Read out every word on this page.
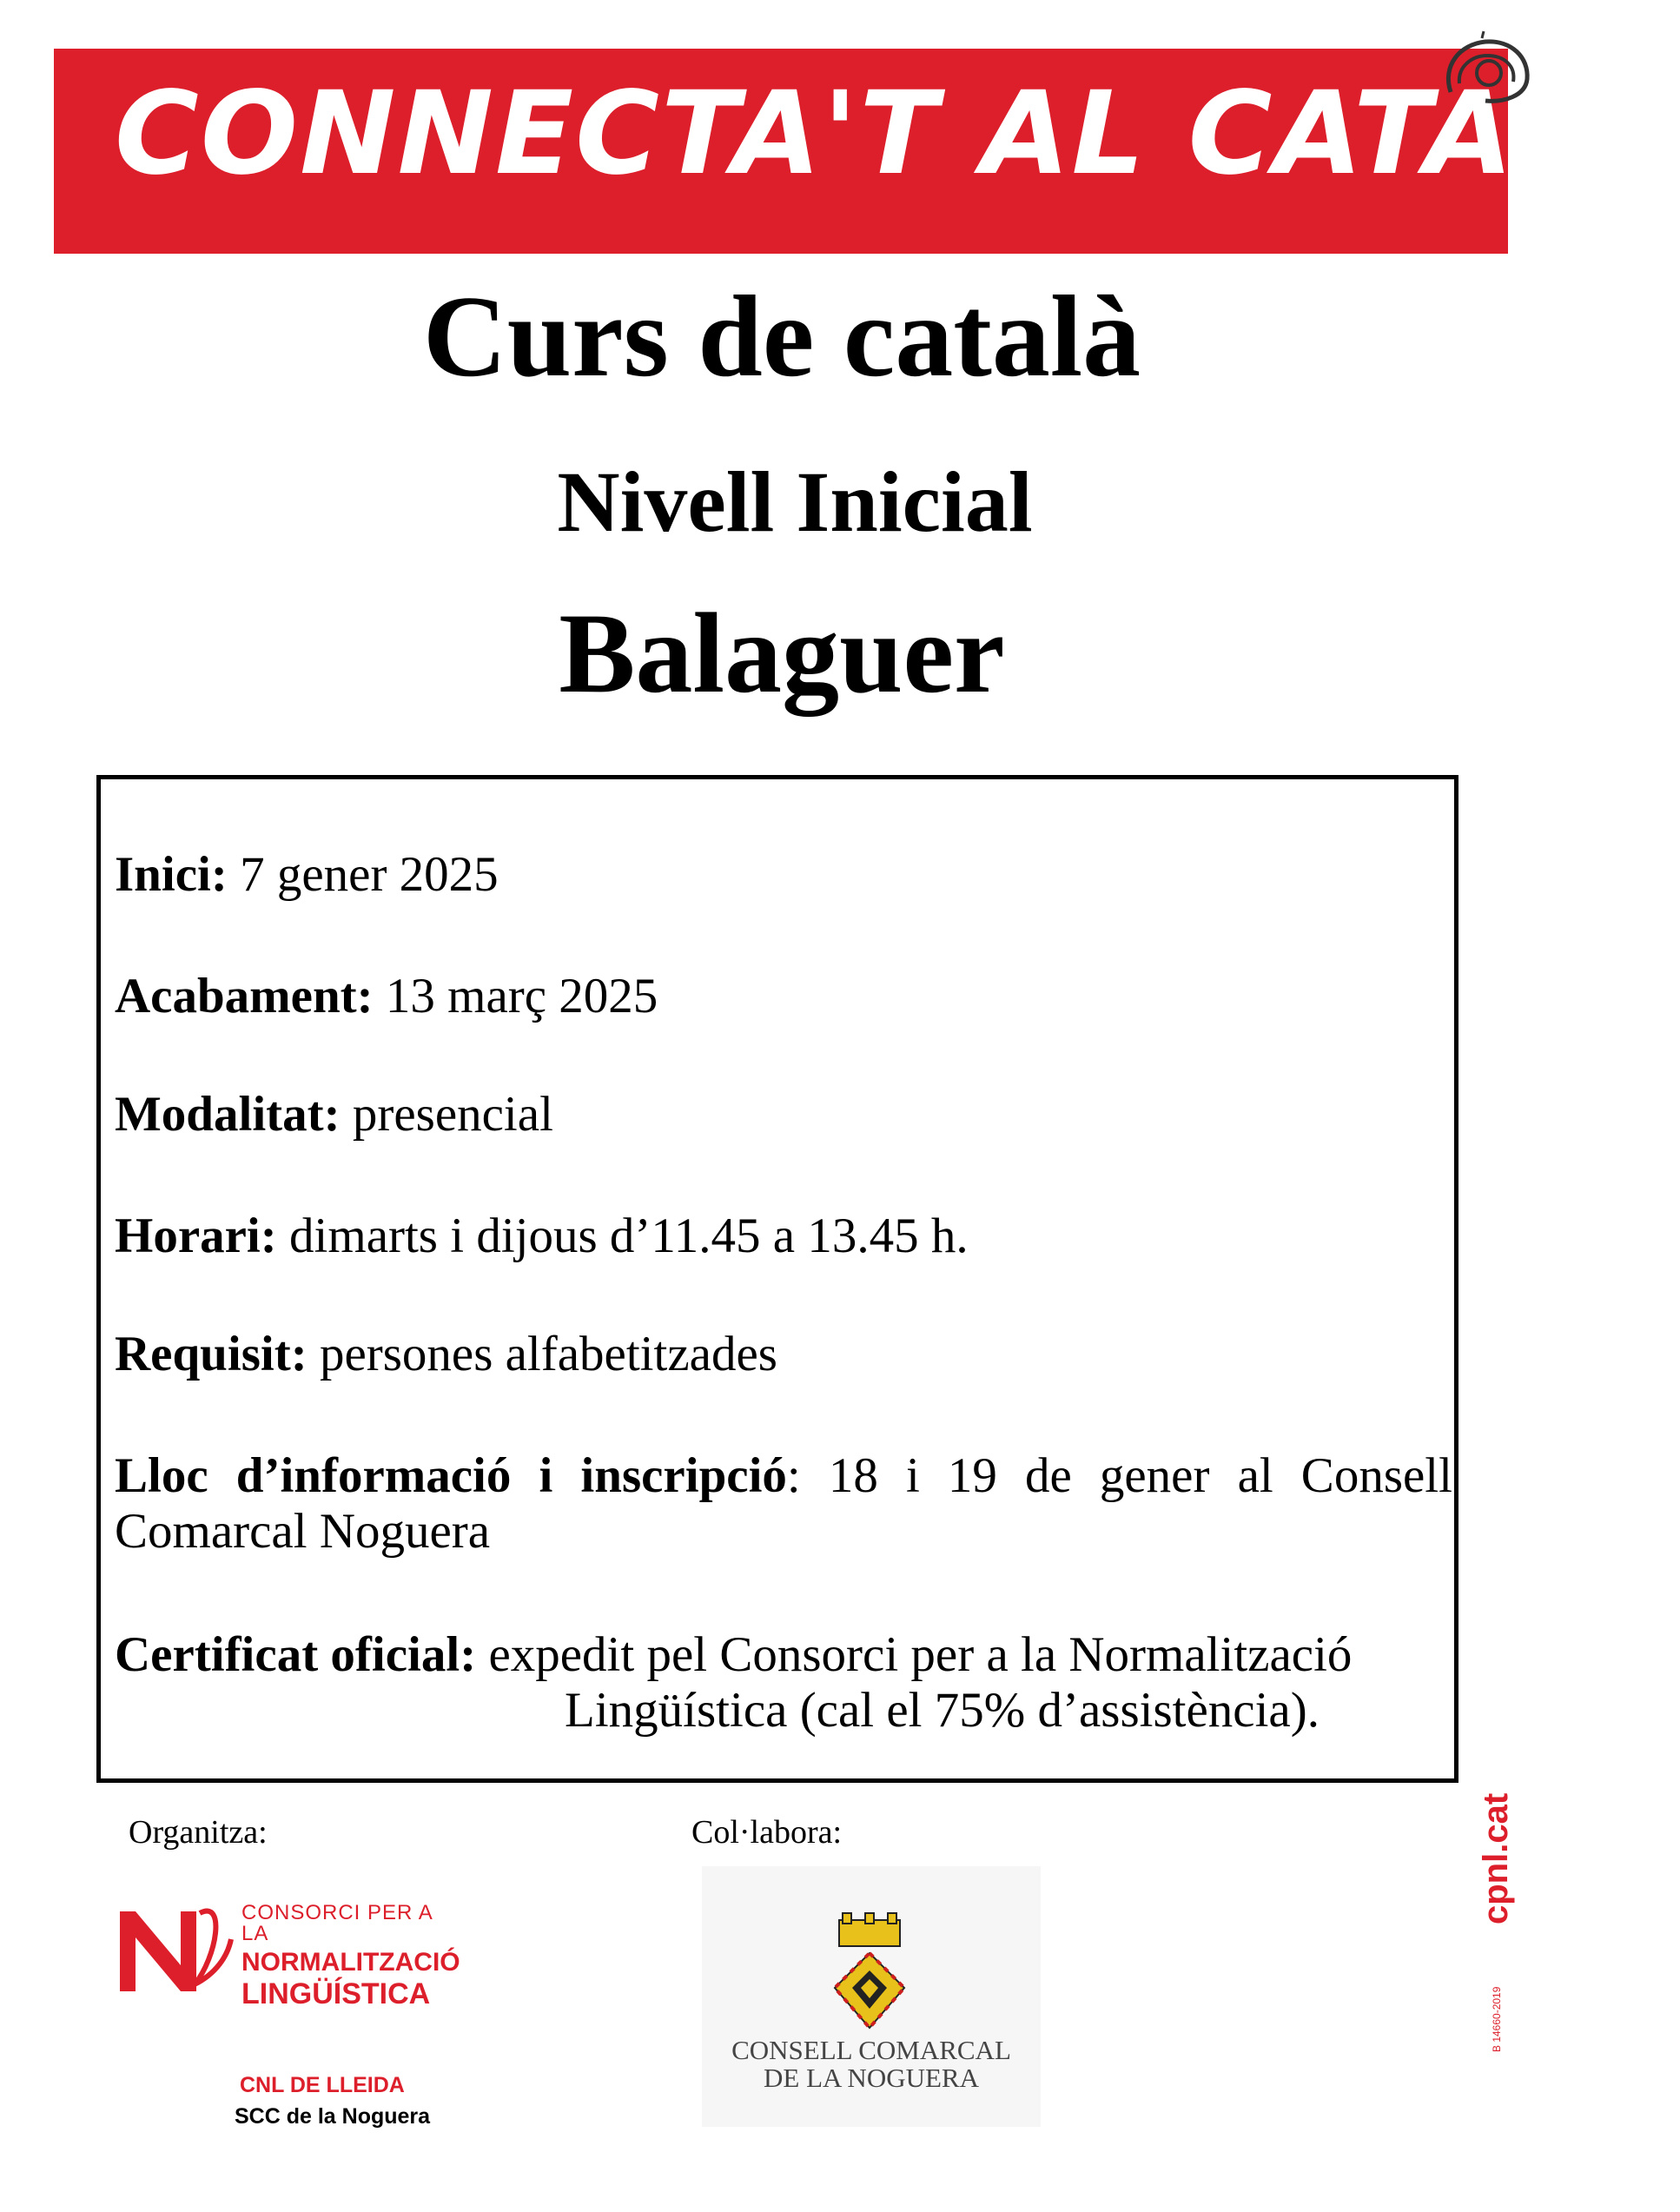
CONNECTA'T AL CATALÀ
Curs de català
Nivell Inicial
Balaguer
Inici: 7 gener 2025
Acabament: 13 març 2025
Modalitat: presencial
Horari: dimarts i dijous d’11.45 a 13.45 h.
Requisit: persones alfabetitzades
Lloc d’informació i inscripció: 18 i 19 de gener al Consell Comarcal Noguera
Certificat oficial: expedit pel Consorci per a la Normalització
Lingüística (cal el 75% d’assistència).
Organitza:	Col·labora:
CONSORCI PER A LA
NORMALITZACIÓ
LINGÜÍSTICA
CNL DE LLEIDA
SCC de la Noguera
CONSELL COMARCAL
DE LA NOGUERA
cpnl.cat
B 14660-2019
